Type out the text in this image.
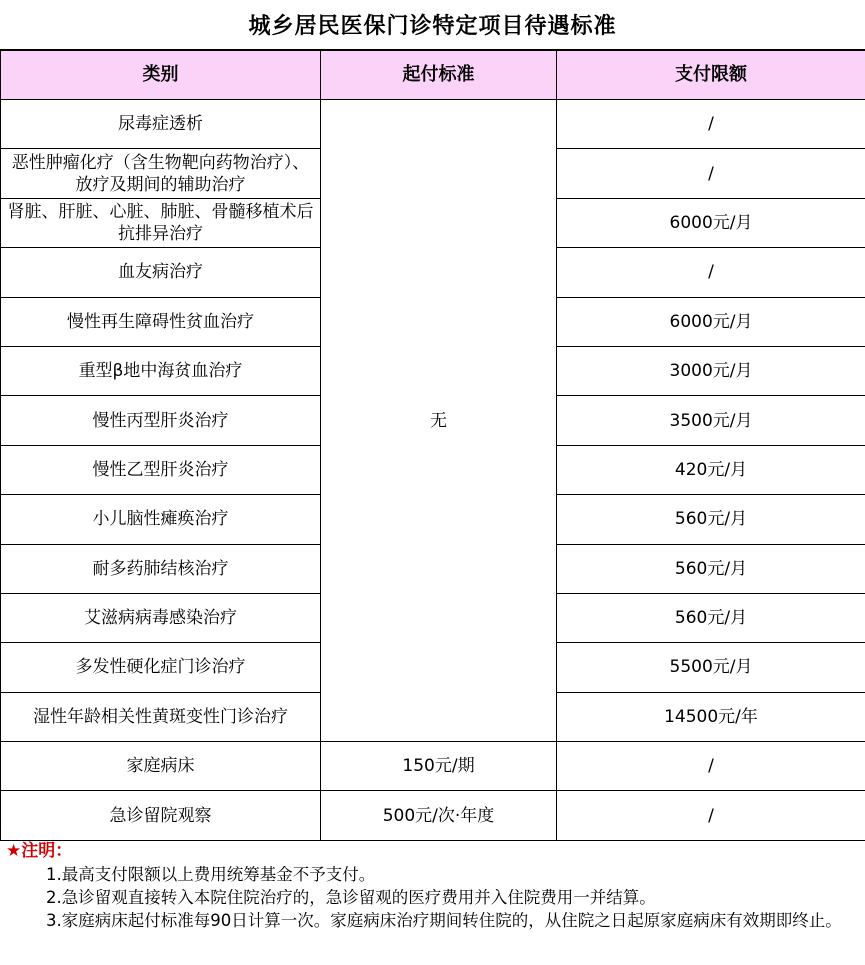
城乡居民医保门诊特定项目待遇标准
类别	起付标准	支付限额
尿毒症透析	无	/
恶性肿瘤化疗（含生物靶向药物治疗）、放疗及期间的辅助治疗		/
肾脏、肝脏、心脏、肺脏、骨髓移植术后抗排异治疗		6000元/月
血友病治疗		/
慢性再生障碍性贫血治疗		6000元/月
重型β地中海贫血治疗		3000元/月
慢性丙型肝炎治疗		3500元/月
慢性乙型肝炎治疗		420元/月
小儿脑性瘫痪治疗		560元/月
耐多药肺结核治疗		560元/月
艾滋病病毒感染治疗		560元/月
多发性硬化症门诊治疗		5500元/月
湿性年龄相关性黄斑变性门诊治疗		14500元/年
家庭病床	150元/期	/
急诊留院观察	500元/次·年度	/
★注明：
1.最高支付限额以上费用统筹基金不予支付。
2.急诊留观直接转入本院住院治疗的，急诊留观的医疗费用并入住院费用一并结算。
3.家庭病床起付标准每90日计算一次。家庭病床治疗期间转住院的，从住院之日起原家庭病床有效期即终止。
